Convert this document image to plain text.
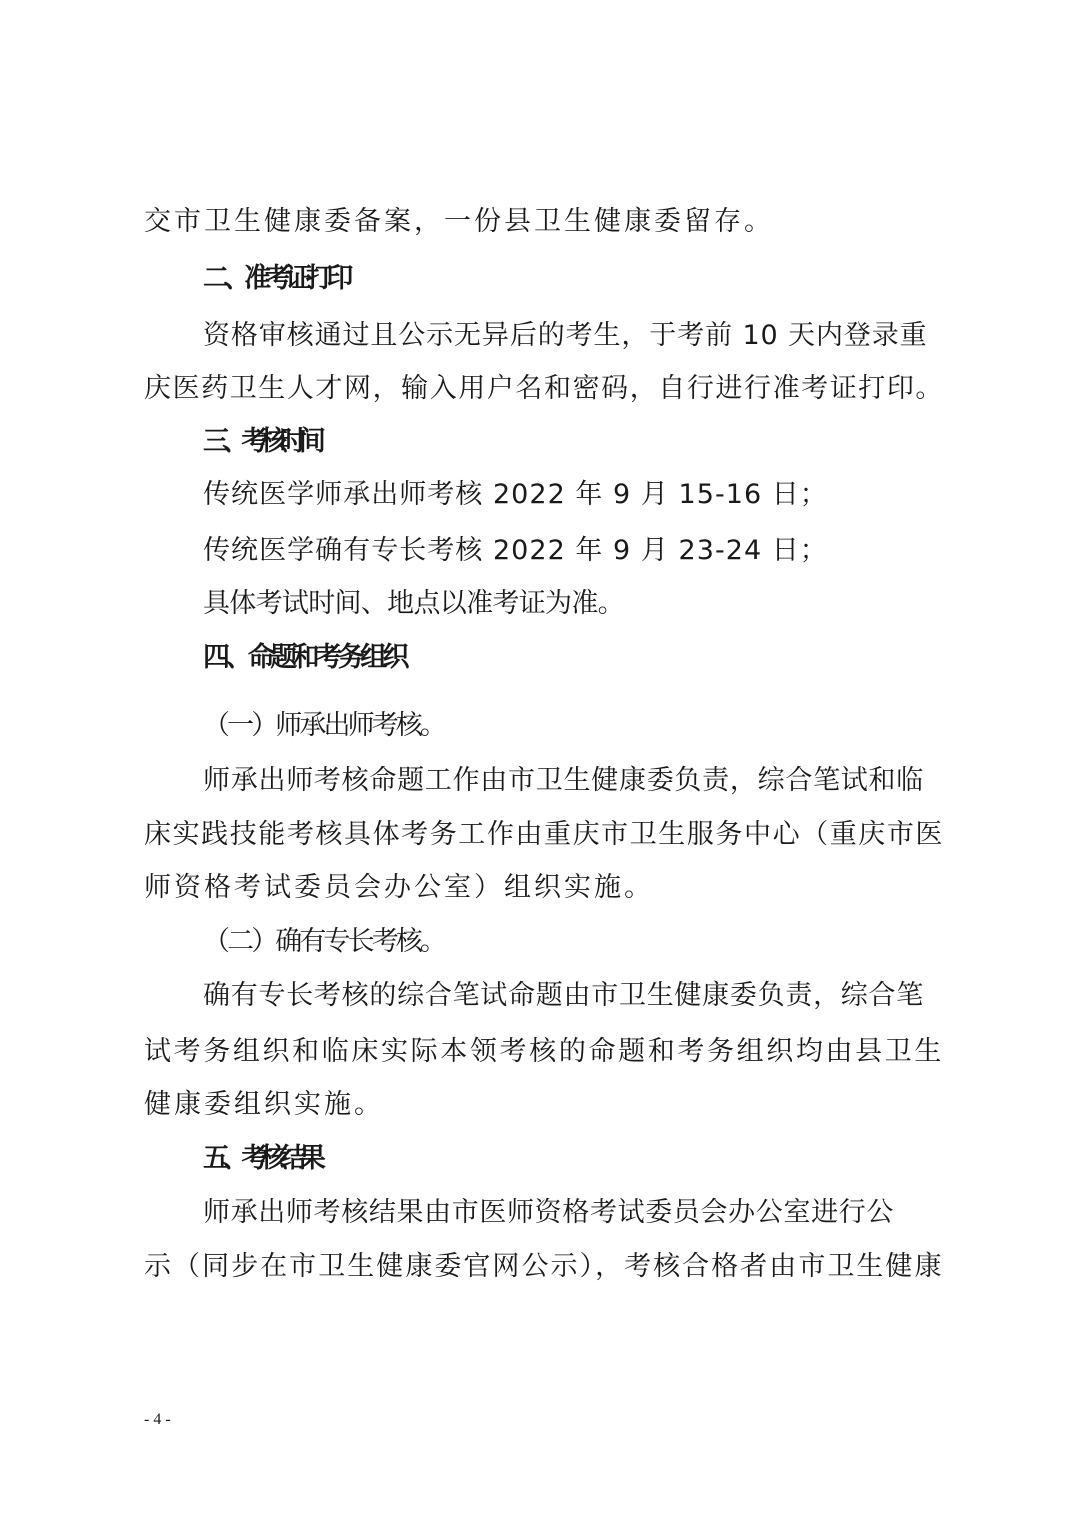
交市卫生健康委备案，一份县卫生健康委留存。
二、准考证打印
资格审核通过且公示无异后的考生，于考前 10 天内登录重
庆医药卫生人才网，输入用户名和密码，自行进行准考证打印。
三、考核时间
传统医学师承出师考核 2022 年 9 月 15-16 日；
传统医学确有专长考核 2022 年 9 月 23-24 日；
具体考试时间、地点以准考证为准。
四、命题和考务组织
（一）师承出师考核。
师承出师考核命题工作由市卫生健康委负责，综合笔试和临
床实践技能考核具体考务工作由重庆市卫生服务中心（重庆市医
师资格考试委员会办公室）组织实施。
（二）确有专长考核。
确有专长考核的综合笔试命题由市卫生健康委负责，综合笔
试考务组织和临床实际本领考核的命题和考务组织均由县卫生
健康委组织实施。
五、考核结果
师承出师考核结果由市医师资格考试委员会办公室进行公
示（同步在市卫生健康委官网公示），考核合格者由市卫生健康
- 4 -
